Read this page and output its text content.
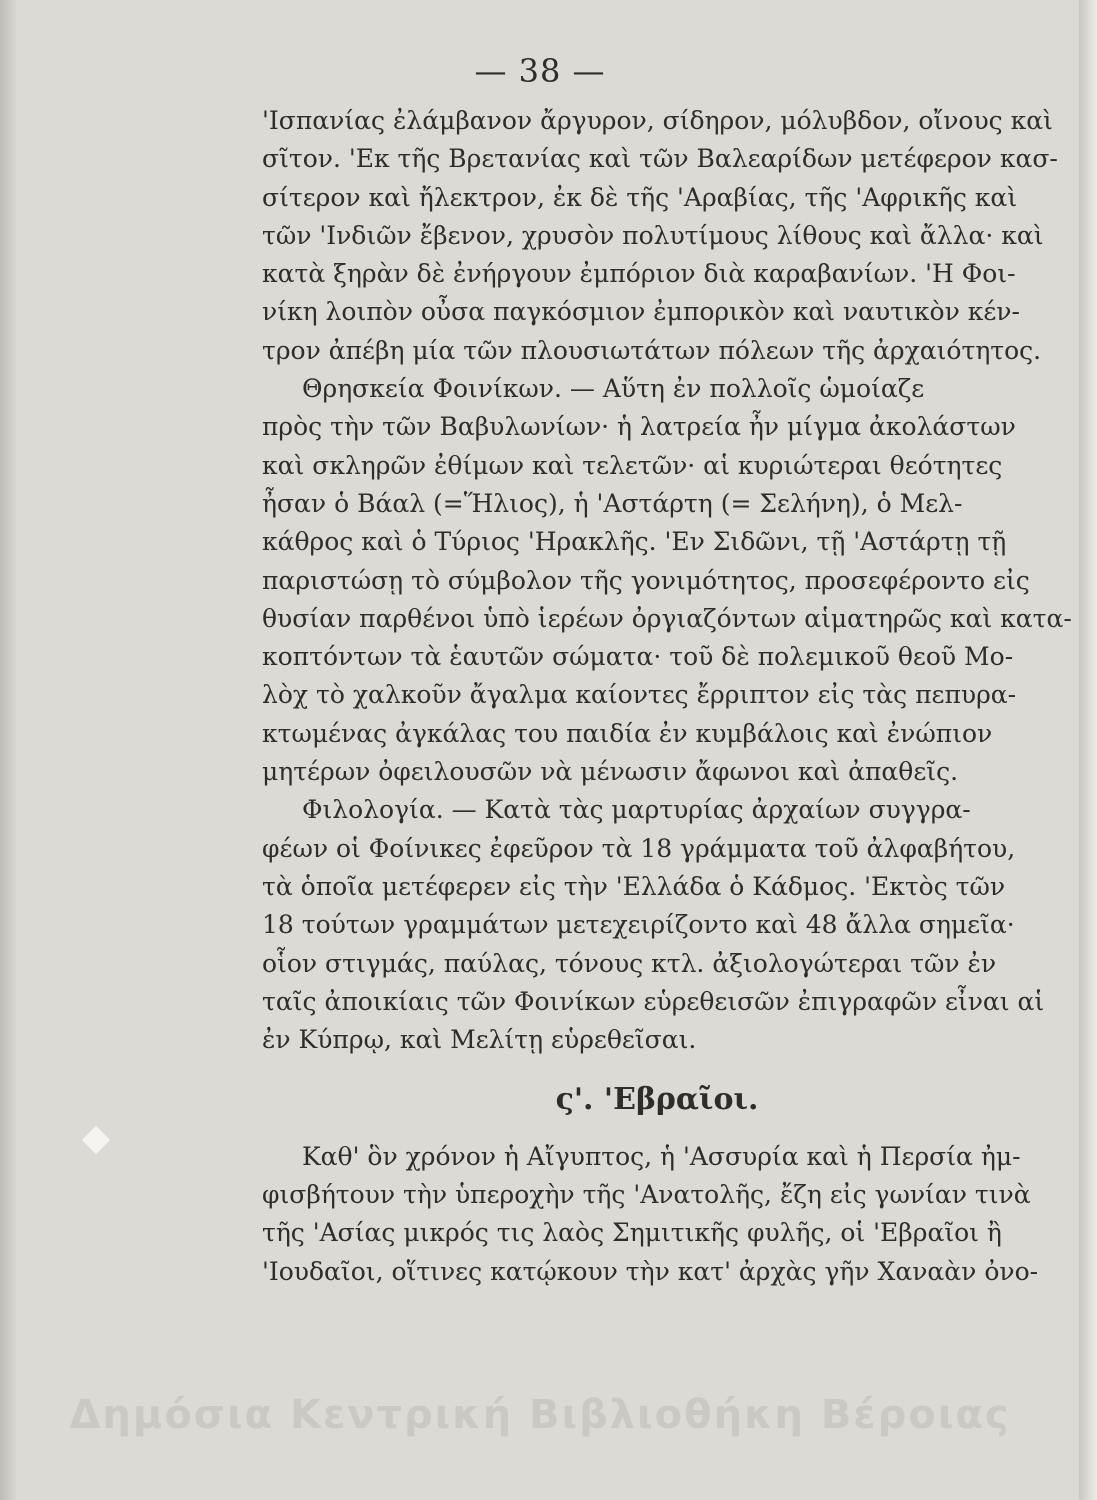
— 38 —
'Ισπανίας ἐλάμβανον ἄργυρον, σίδηρον, μόλυβδον, οἴνους καὶ
σῖτον. 'Εκ τῆς Βρετανίας καὶ τῶν Βαλεαρίδων μετέφερον κασ-
σίτερον καὶ ἤλεκτρον, ἐκ δὲ τῆς 'Αραβίας, τῆς 'Αφρικῆς καὶ
τῶν 'Ινδιῶν ἔβενον, χρυσὸν πολυτίμους λίθους καὶ ἄλλα· καὶ
κατὰ ξηρὰν δὲ ἐνήργουν ἐμπόριον διὰ καραβανίων. 'Η Φοι-
νίκη λοιπὸν οὖσα παγκόσμιον ἐμπορικὸν καὶ ναυτικὸν κέν-
τρον ἀπέβη μία τῶν πλουσιωτάτων πόλεων τῆς ἀρχαιότητος.
Θρησκεία Φοινίκων. — Αὕτη ἐν πολλοῖς ὡμοίαζε
πρὸς τὴν τῶν Βαβυλωνίων· ἡ λατρεία ἦν μίγμα ἀκολάστων
καὶ σκληρῶν ἐθίμων καὶ τελετῶν· αἱ κυριώτεραι θεότητες
ἦσαν ὁ Βάαλ (=Ἥλιος), ἡ 'Αστάρτη (= Σελήνη), ὁ Μελ-
κάθρος καὶ ὁ Τύριος 'Ηρακλῆς. 'Εν Σιδῶνι, τῇ 'Αστάρτῃ τῇ
παριστώσῃ τὸ σύμβολον τῆς γονιμότητος, προσεφέροντο εἰς
θυσίαν παρθένοι ὑπὸ ἱερέων ὀργιαζόντων αἱματηρῶς καὶ κατα-
κοπτόντων τὰ ἑαυτῶν σώματα· τοῦ δὲ πολεμικοῦ θεοῦ Μο-
λὸχ τὸ χαλκοῦν ἄγαλμα καίοντες ἔρριπτον εἰς τὰς πεπυρα-
κτωμένας ἀγκάλας του παιδία ἐν κυμβάλοις καὶ ἐνώπιον
μητέρων ὀφειλουσῶν νὰ μένωσιν ἄφωνοι καὶ ἀπαθεῖς.
Φιλολογία. — Κατὰ τὰς μαρτυρίας ἀρχαίων συγγρα-
φέων οἱ Φοίνικες ἐφεῦρον τὰ 18 γράμματα τοῦ ἀλφαβήτου,
τὰ ὁποῖα μετέφερεν εἰς τὴν 'Ελλάδα ὁ Κάδμος. 'Εκτὸς τῶν
18 τούτων γραμμάτων μετεχειρίζοντο καὶ 48 ἄλλα σημεῖα·
οἷον στιγμάς, παύλας, τόνους κτλ. ἀξιολογώτεραι τῶν ἐν
ταῖς ἀποικίαις τῶν Φοινίκων εὑρεθεισῶν ἐπιγραφῶν εἶναι αἱ
ἐν Κύπρῳ, καὶ Μελίτῃ εὑρεθεῖσαι.
ς'. 'Εβραῖοι.
Καθ' ὃν χρόνον ἡ Αἴγυπτος, ἡ 'Ασσυρία καὶ ἡ Περσία ἠμ-
φισβήτουν τὴν ὑπεροχὴν τῆς 'Ανατολῆς, ἔζη εἰς γωνίαν τινὰ
τῆς 'Ασίας μικρός τις λαὸς Σημιτικῆς φυλῆς, οἱ 'Εβραῖοι ἢ
'Ιουδαῖοι, οἵτινες κατῴκουν τὴν κατ' ἀρχὰς γῆν Χαναὰν ὀνο-
Δημόσια Κεντρική Βιβλιοθήκη Βέροιας
